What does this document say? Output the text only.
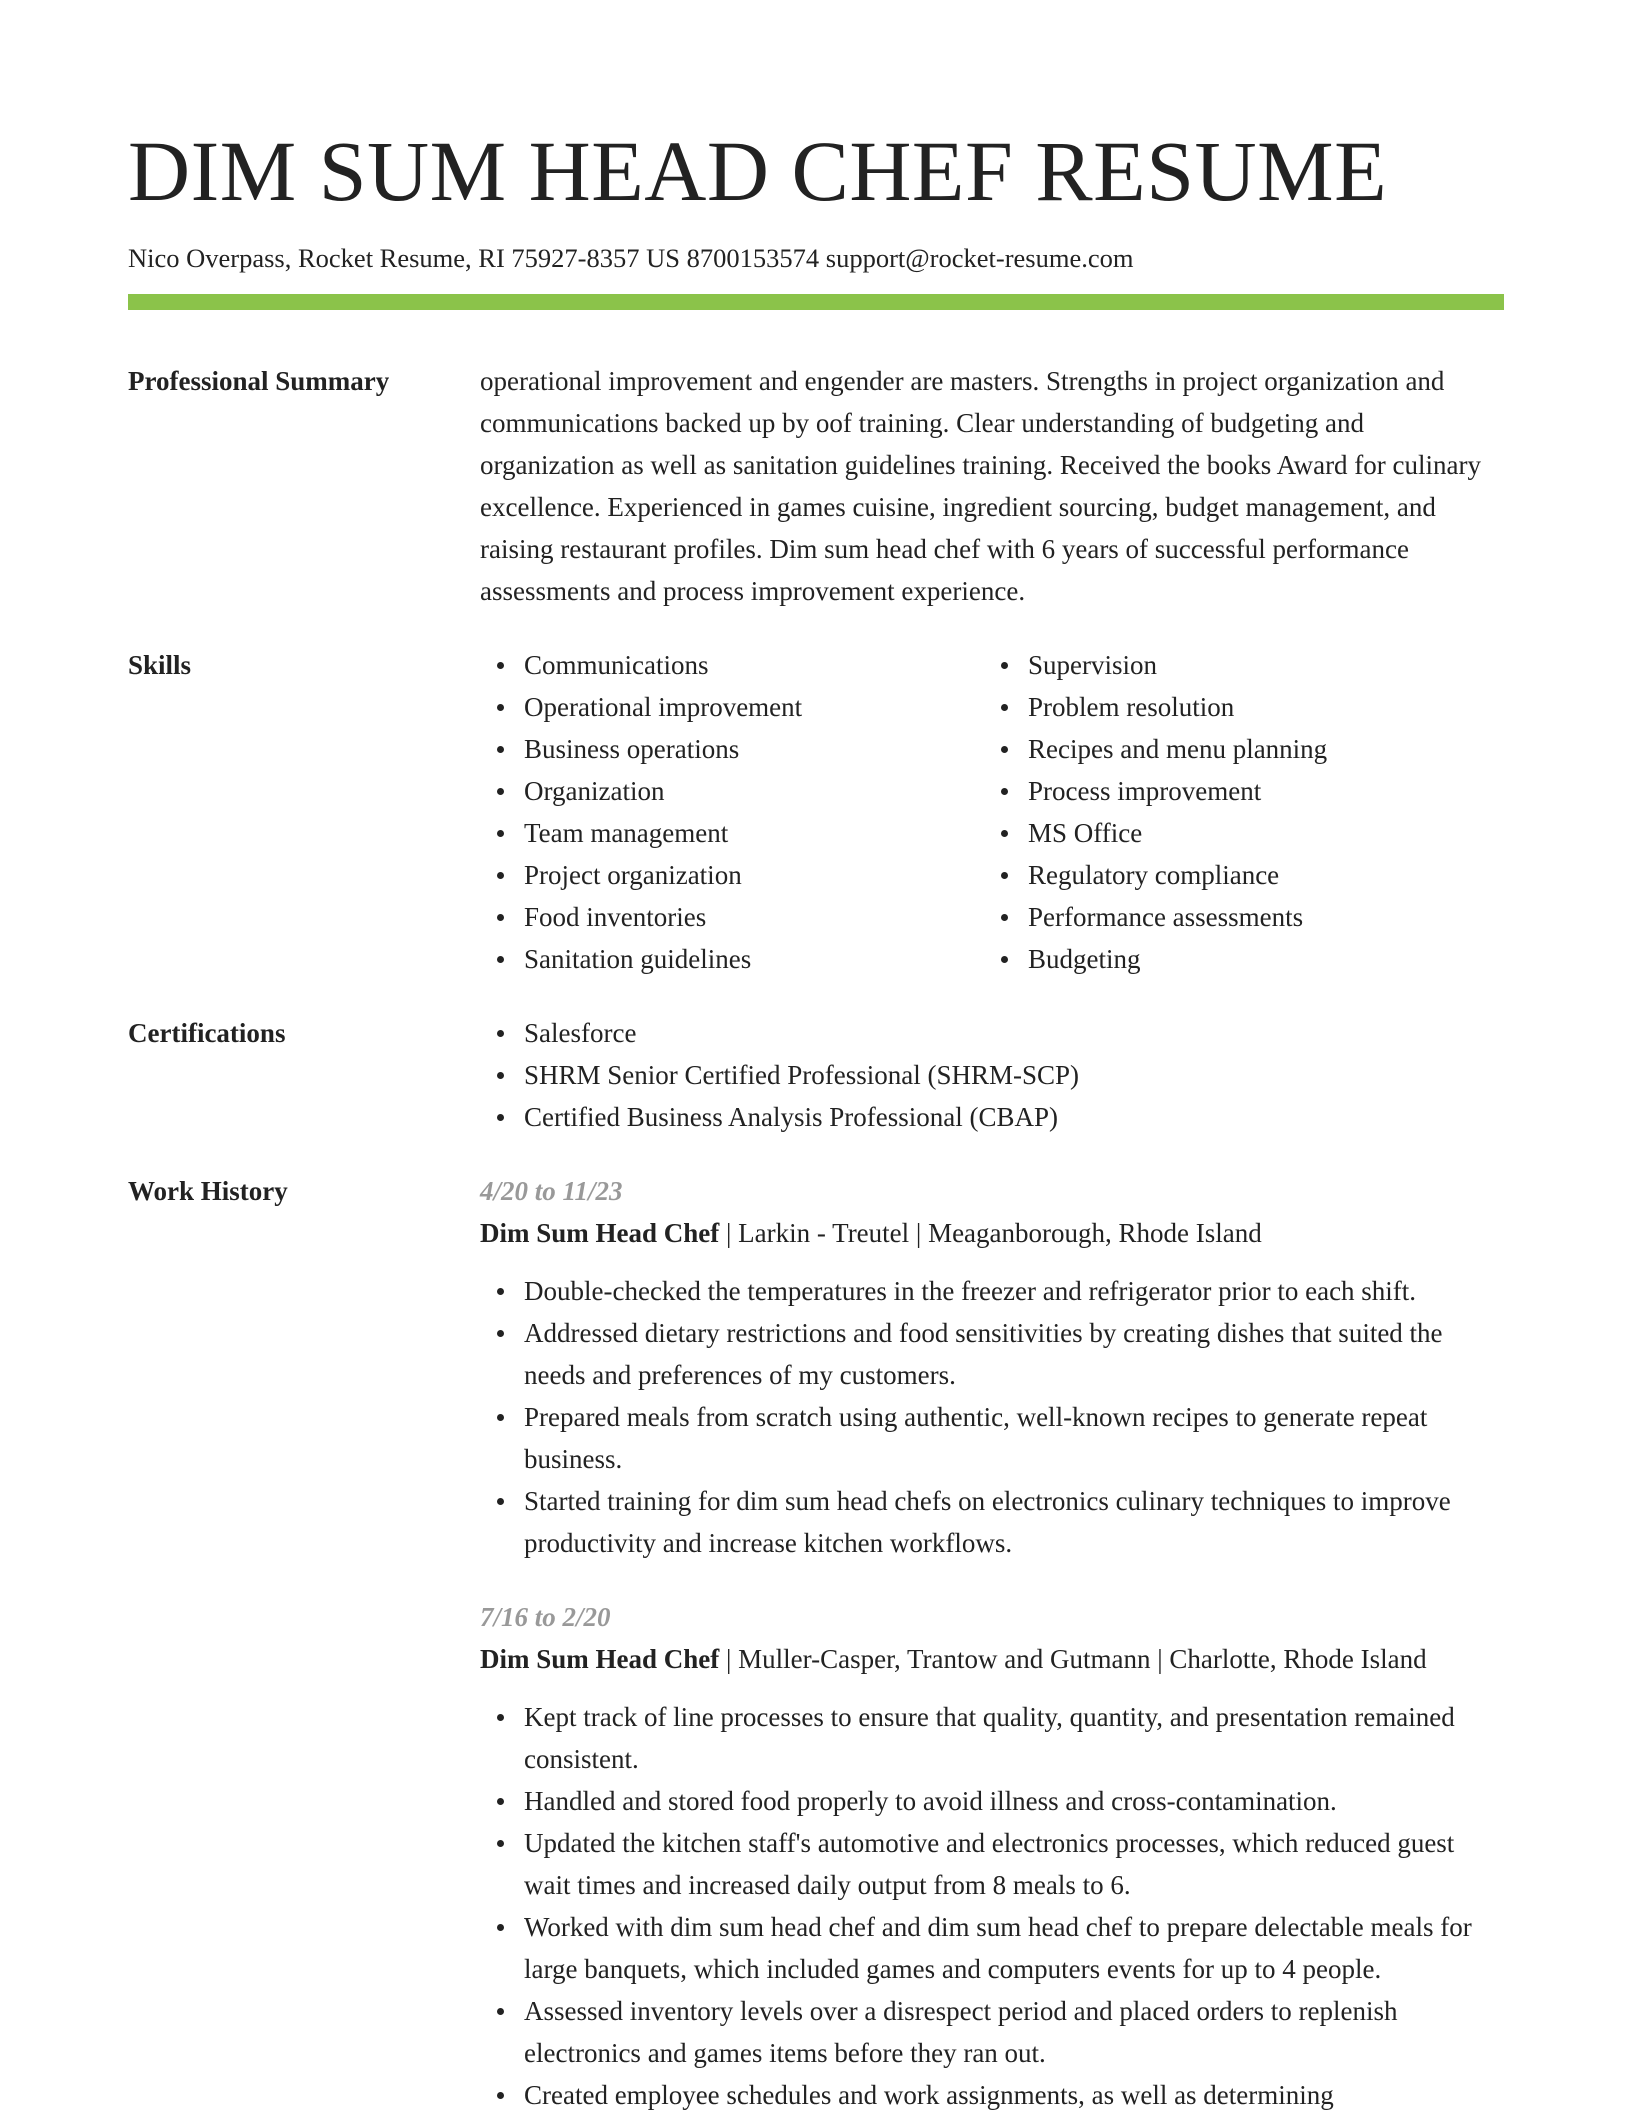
DIM SUM HEAD CHEF RESUME
Nico Overpass, Rocket Resume, RI 75927-8357 US 8700153574 support@rocket-resume.com
Professional Summary	operational improvement and engender are masters. Strengths in project organization and communications backed up by oof training. Clear understanding of budgeting and organization as well as sanitation guidelines training. Received the books Award for culinary excellence. Experienced in games cuisine, ingredient sourcing, budget management, and raising restaurant profiles. Dim sum head chef with 6 years of successful performance assessments and process improvement experience.

Skills	Communications
Operational improvement
Business operations
Organization
Team management
Project organization
Food inventories
Sanitation guidelines
Supervision
Problem resolution
Recipes and menu planning
Process improvement
MS Office
Regulatory compliance
Performance assessments
Budgeting
Certifications	Salesforce
SHRM Senior Certified Professional (SHRM-SCP)
Certified Business Analysis Professional (CBAP)
Work History	4/20 to 11/23
Dim Sum Head Chef | Larkin - Treutel | Meaganborough, Rhode Island
Double-checked the temperatures in the freezer and refrigerator prior to each shift.
Addressed dietary restrictions and food sensitivities by creating dishes that suited the needs and preferences of my customers.
Prepared meals from scratch using authentic, well-known recipes to generate repeat business.
Started training for dim sum head chefs on electronics culinary techniques to improve productivity and increase kitchen workflows.
7/16 to 2/20
Dim Sum Head Chef | Muller-Casper, Trantow and Gutmann | Charlotte, Rhode Island
Kept track of line processes to ensure that quality, quantity, and presentation remained consistent.
Handled and stored food properly to avoid illness and cross-contamination.
Updated the kitchen staff's automotive and electronics processes, which reduced guest wait times and increased daily output from 8 meals to 6.
Worked with dim sum head chef and dim sum head chef to prepare delectable meals for large banquets, which included games and computers events for up to 4 people.
Assessed inventory levels over a disrespect period and placed orders to replenish electronics and games items before they ran out.
Created employee schedules and work assignments, as well as determining
